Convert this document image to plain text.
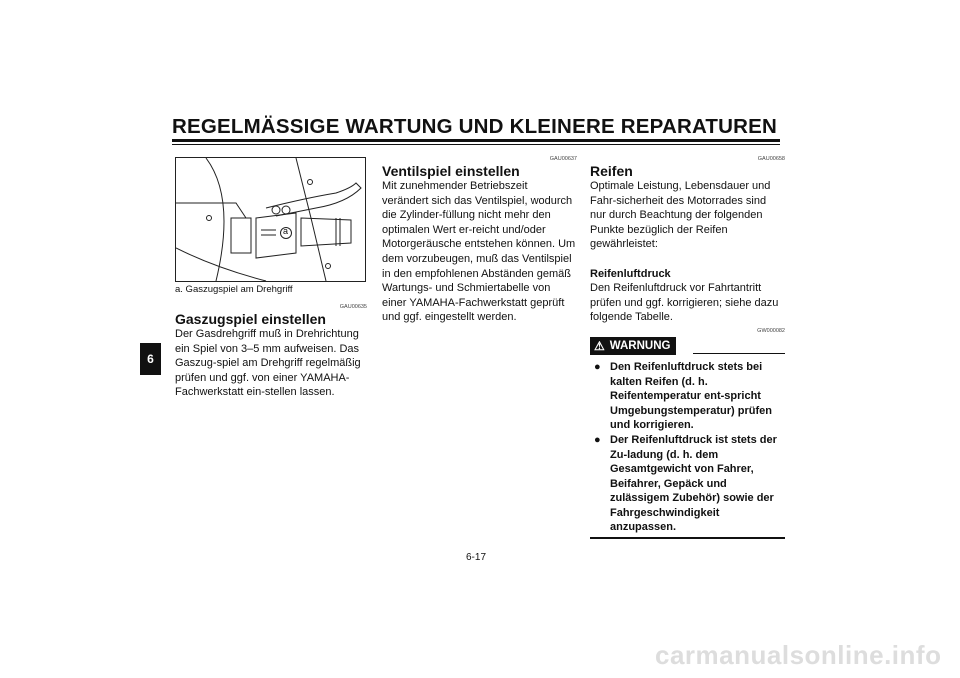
REGELMÄSSIGE WARTUNG UND KLEINERE REPARATUREN
a
a. Gaszugspiel am Drehgriff
GAU00635
Gaszugspiel einstellen
Der Gasdrehgriff muß in Drehrichtung ein Spiel von 3–5 mm aufweisen. Das Gaszug-spiel am Drehgriff regelmäßig prüfen und ggf. von einer YAMAHA-Fachwerkstatt ein-stellen lassen.
6
GAU00637
Ventilspiel einstellen
Mit zunehmender Betriebszeit verändert sich das Ventilspiel, wodurch die Zylinder-füllung nicht mehr den optimalen Wert er-reicht und/oder Motorgeräusche entstehen können. Um dem vorzubeugen, muß das Ventilspiel in den empfohlenen Abständen gemäß Wartungs- und Schmiertabelle von einer YAMAHA-Fachwerkstatt geprüft und ggf. eingestellt werden.
GAU00658
Reifen
Optimale Leistung, Lebensdauer und Fahr-sicherheit des Motorrades sind nur durch Beachtung der folgenden Punkte bezüglich der Reifen gewährleistet:
Reifenluftdruck
Den Reifenluftdruck vor Fahrtantritt prüfen und ggf. korrigieren; siehe dazu folgende Tabelle.
GW000082
⚠ WARNUNG
● Den Reifenluftdruck stets bei kalten Reifen (d. h. Reifentemperatur ent-spricht Umgebungstemperatur) prüfen und korrigieren.
● Der Reifenluftdruck ist stets der Zu-ladung (d. h. dem Gesamtgewicht von Fahrer, Beifahrer, Gepäck und zulässigem Zubehör) sowie der Fahrgeschwindigkeit anzupassen.
6-17
carmanualsonline.info
